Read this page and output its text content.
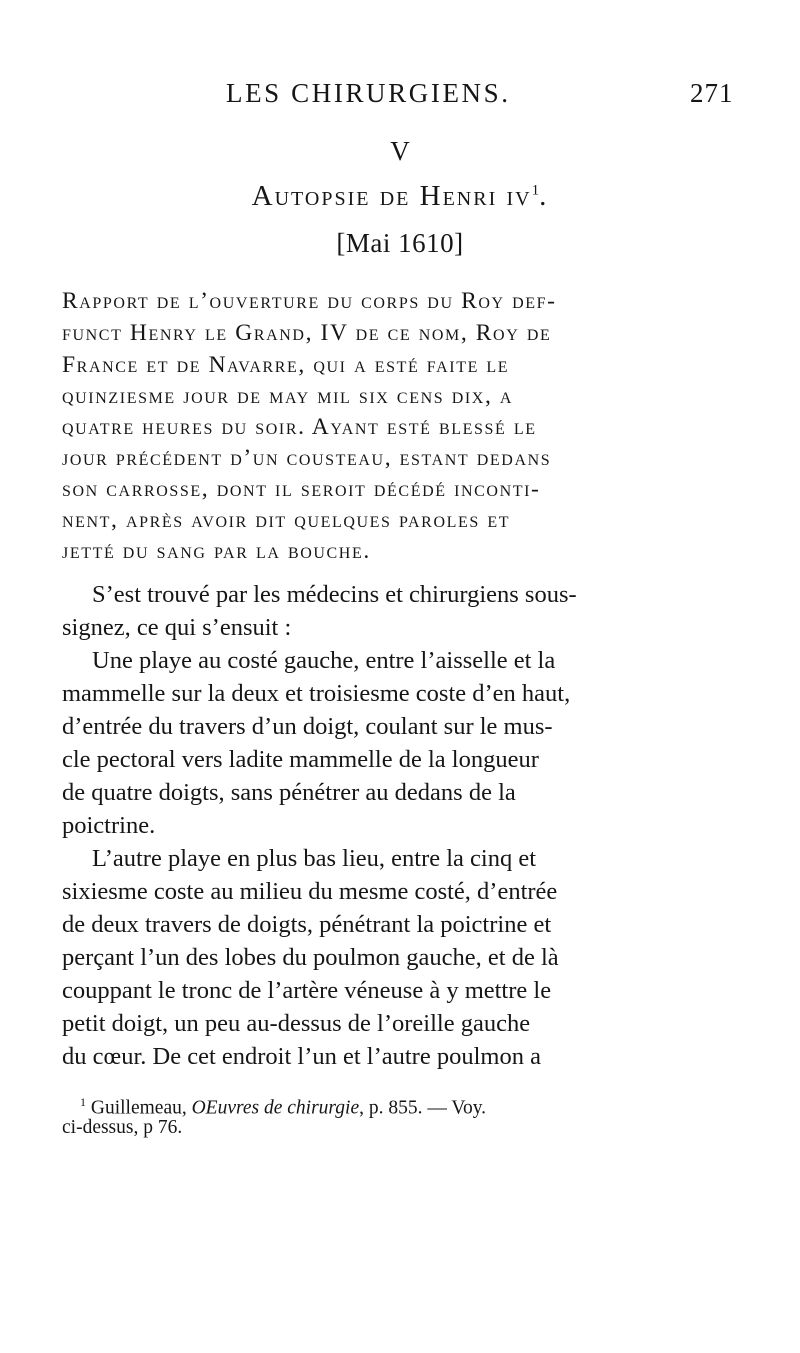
LES CHIRURGIENS.	271
V
Autopsie de Henri $iv^1$.
[Mai 1610]
Rapport de l’ouverture du corps du Roy def-
funct Henry le Grand, IV de ce nom, Roy de
France et de Navarre, qui a esté faite le
quinziesme jour de may mil six cens dix, a
quatre heures du soir. Ayant esté blessé le
jour précédent d’un cousteau, estant dedans
son carrosse, dont il seroit décédé inconti-
nent, après avoir dit quelques paroles et
jetté du sang par la bouche.
S’est trouvé par les médecins et chirurgiens sous-
signez, ce qui s’ensuit :
Une playe au costé gauche, entre l’aisselle et la
mammelle sur la deux et troisiesme coste d’en haut,
d’entrée du travers d’un doigt, coulant sur le mus-
cle pectoral vers ladite mammelle de la longueur
de quatre doigts, sans pénétrer au dedans de la
poictrine.
L’autre playe en plus bas lieu, entre la cinq et
sixiesme coste au milieu du mesme costé, d’entrée
de deux travers de doigts, pénétrant la poictrine et
perçant l’un des lobes du poulmon gauche, et de là
couppant le tronc de l’artère véneuse à y mettre le
petit doigt, un peu au-dessus de l’oreille gauche
du cœur. De cet endroit l’un et l’autre poulmon a
$^1$ Guillemeau, OEuvres de chirurgie, p. 855. — Voy.
ci-dessus, p 76.
